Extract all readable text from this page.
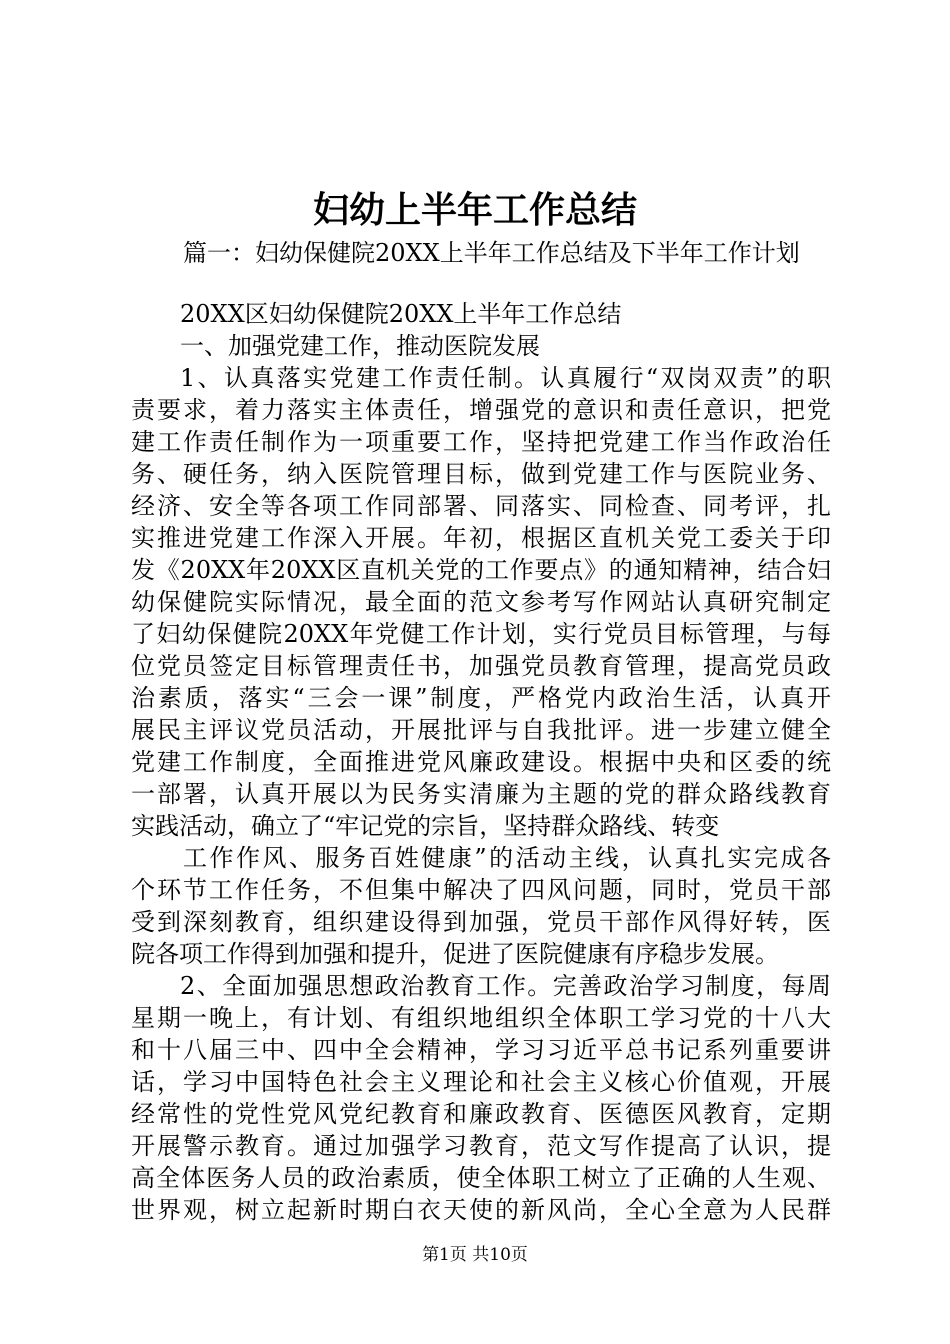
妇幼上半年工作总结
篇一：妇幼保健院20XX上半年工作总结及下半年工作计划
20XX区妇幼保健院20XX上半年工作总结
一、加强党建工作，推动医院发展
1、认真落实党建工作责任制。认真履行“双岗双责”的职
责要求，着力落实主体责任，增强党的意识和责任意识，把党
建工作责任制作为一项重要工作，坚持把党建工作当作政治任
务、硬任务，纳入医院管理目标，做到党建工作与医院业务、
经济、安全等各项工作同部署、同落实、同检查、同考评，扎
实推进党建工作深入开展。年初，根据区直机关党工委关于印
发《20XX年20XX区直机关党的工作要点》的通知精神，结合妇
幼保健院实际情况，最全面的范文参考写作网站认真研究制定
了妇幼保健院20XX年党健工作计划，实行党员目标管理，与每
位党员签定目标管理责任书，加强党员教育管理，提高党员政
治素质，落实“三会一课”制度，严格党内政治生活，认真开
展民主评议党员活动，开展批评与自我批评。进一步建立健全
党建工作制度，全面推进党风廉政建设。根据中央和区委的统
一部署，认真开展以为民务实清廉为主题的党的群众路线教育
实践活动，确立了“牢记党的宗旨，坚持群众路线、转变
工作作风、服务百姓健康”的活动主线，认真扎实完成各
个环节工作任务，不但集中解决了四风问题，同时，党员干部
受到深刻教育，组织建设得到加强，党员干部作风得好转，医
院各项工作得到加强和提升，促进了医院健康有序稳步发展。
2、全面加强思想政治教育工作。完善政治学习制度，每周
星期一晚上，有计划、有组织地组织全体职工学习党的十八大
和十八届三中、四中全会精神，学习习近平总书记系列重要讲
话，学习中国特色社会主义理论和社会主义核心价值观，开展
经常性的党性党风党纪教育和廉政教育、医德医风教育，定期
开展警示教育。通过加强学习教育，范文写作提高了认识，提
高全体医务人员的政治素质，使全体职工树立了正确的人生观、
世界观，树立起新时期白衣天使的新风尚，全心全意为人民群
第1页 共10页
